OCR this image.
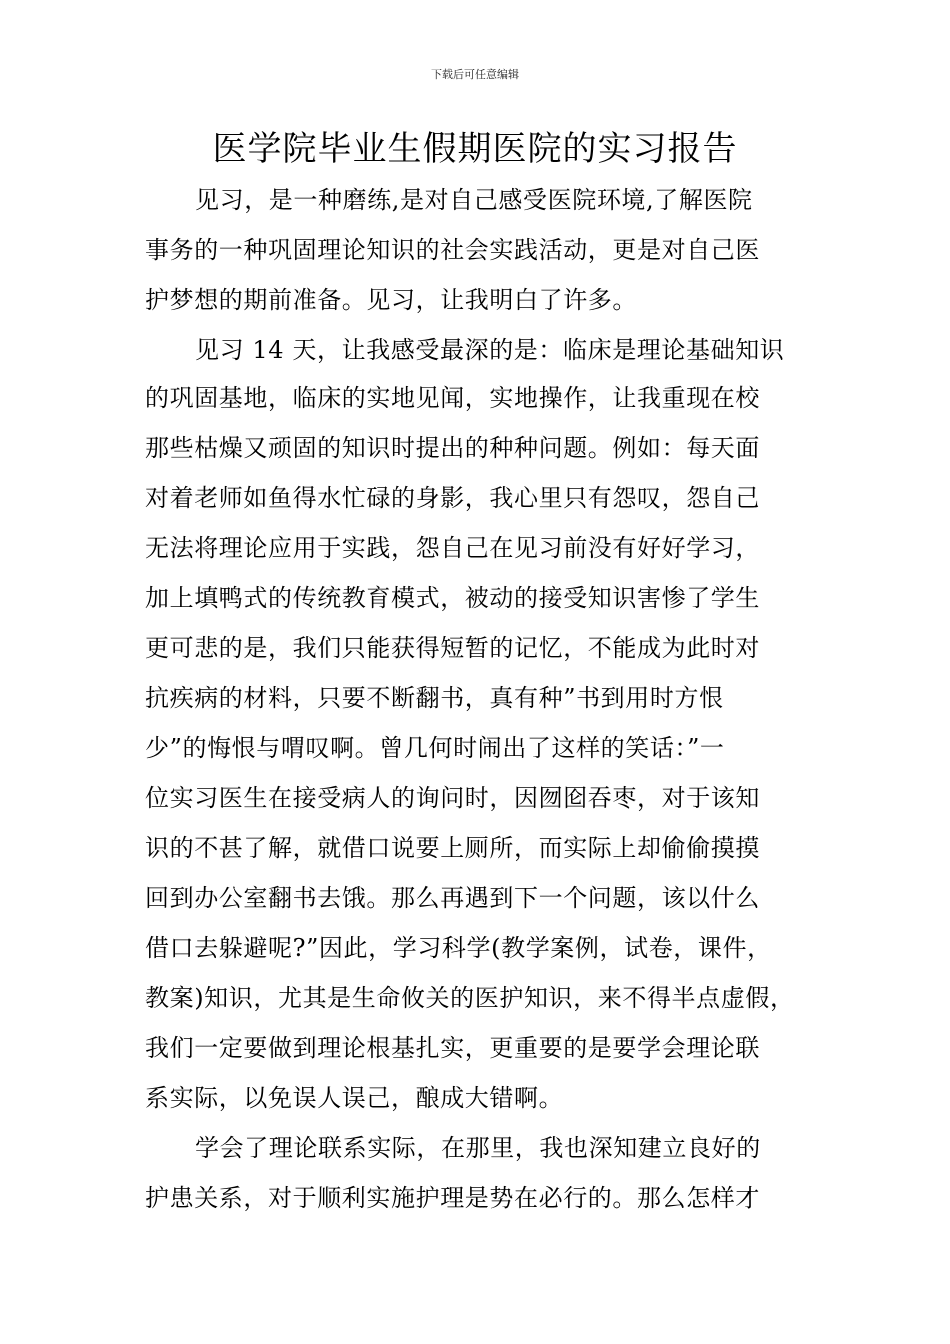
下载后可任意编辑
医学院毕业生假期医院的实习报告
见习，是一种磨练,是对自己感受医院环境,了解医院
事务的一种巩固理论知识的社会实践活动，更是对自己医
护梦想的期前准备。见习，让我明白了许多。
见习 14 天，让我感受最深的是：临床是理论基础知识
的巩固基地，临床的实地见闻，实地操作，让我重现在校
那些枯燥又顽固的知识时提出的种种问题。例如：每天面
对着老师如鱼得水忙碌的身影，我心里只有怨叹，怨自己
无法将理论应用于实践，怨自己在见习前没有好好学习，
加上填鸭式的传统教育模式，被动的接受知识害惨了学生
更可悲的是，我们只能获得短暂的记忆，不能成为此时对
抗疾病的材料，只要不断翻书，真有种”书到用时方恨
少”的悔恨与喟叹啊。曾几何时闹出了这样的笑话：”一
位实习医生在接受病人的询问时，因囫囵吞枣，对于该知
识的不甚了解，就借口说要上厕所，而实际上却偷偷摸摸
回到办公室翻书去饿。那么再遇到下一个问题，该以什么
借口去躲避呢?”因此，学习科学(教学案例，试卷，课件，
教案)知识，尤其是生命攸关的医护知识，来不得半点虚假，
我们一定要做到理论根基扎实，更重要的是要学会理论联
系实际，以免误人误己，酿成大错啊。
学会了理论联系实际，在那里，我也深知建立良好的
护患关系，对于顺利实施护理是势在必行的。那么怎样才
